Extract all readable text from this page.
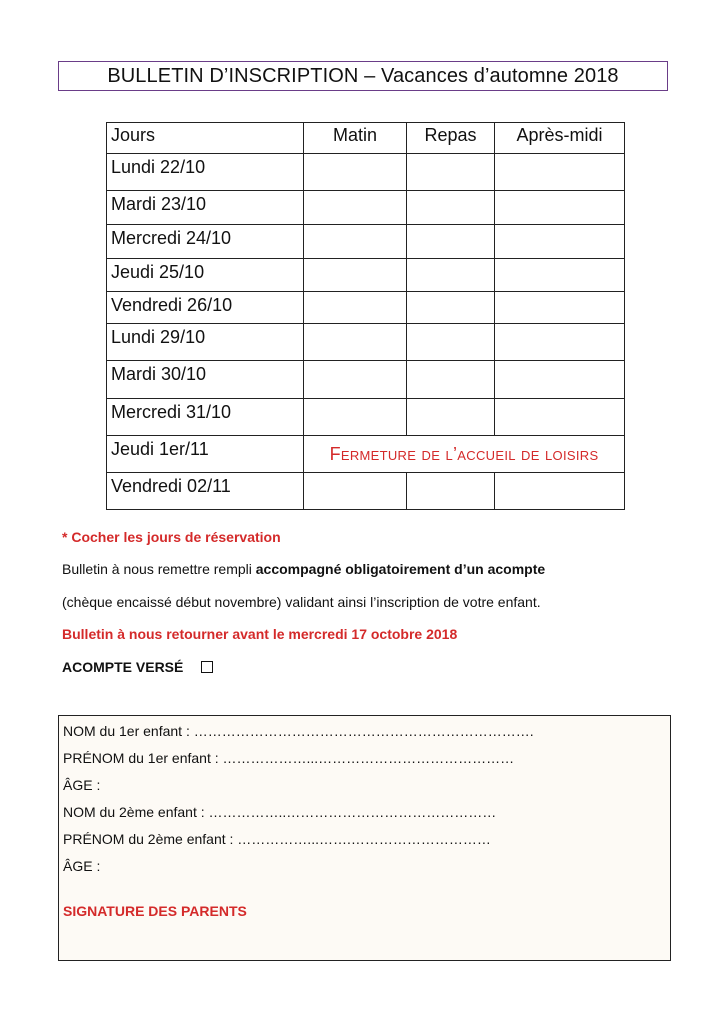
BULLETIN D’INSCRIPTION – Vacances d’automne 2018
Jours	Matin	Repas	Après-midi
Lundi 22/10			
Mardi 23/10			
Mercredi 24/10			
Jeudi 25/10			
Vendredi 26/10			
Lundi 29/10			
Mardi 30/10			
Mercredi 31/10			
Jeudi 1er/11	Fermeture de l’accueil de loisirs		
Vendredi 02/11			
* Cocher les jours de réservation
Bulletin à nous remettre rempli accompagné obligatoirement d’un acompte
(chèque encaissé début novembre) validant ainsi l’inscription de votre enfant.
Bulletin à nous retourner avant le mercredi 17 octobre 2018
ACOMPTE VERSÉ
NOM du 1er enfant : ……………………………………………………………….
PRÉNOM du 1er enfant : ………………...……………………………………
ÂGE :
NOM du 2ème enfant : ……………..………………………………………
PRÉNOM du 2ème enfant : ……………...…….…………………………
ÂGE :
SIGNATURE DES PARENTS
